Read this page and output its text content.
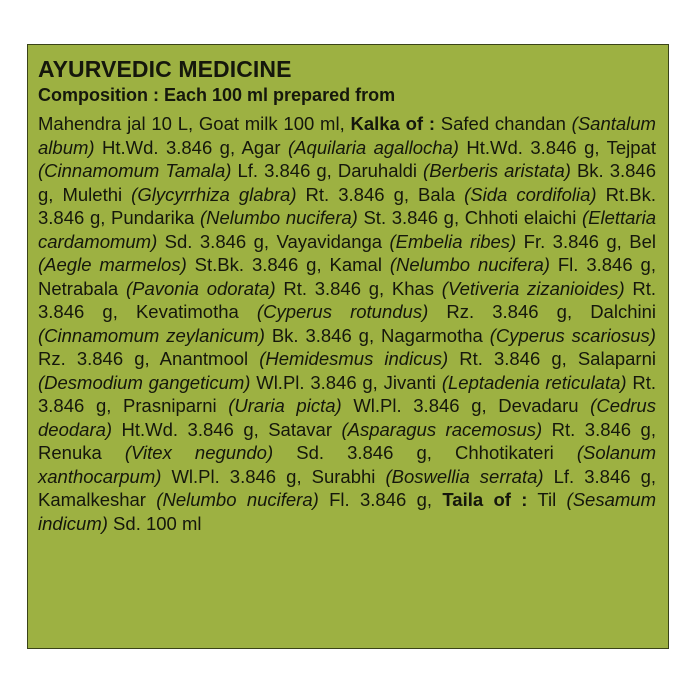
AYURVEDIC MEDICINE
Composition : Each 100 ml prepared from

Mahendra jal 10 L, Goat milk 100 ml, Kalka of : Safed chandan (Santalum album) Ht.Wd. 3.846 g, Agar (Aquilaria agallocha) Ht.Wd. 3.846 g, Tejpat (Cinnamomum Tamala) Lf. 3.846 g, Daruhaldi (Berberis aristata) Bk. 3.846 g, Mulethi (Glycyrrhiza glabra) Rt. 3.846 g, Bala (Sida cordifolia) Rt.Bk. 3.846 g, Pundarika (Nelumbo nucifera) St. 3.846 g, Chhoti elaichi (Elettaria cardamomum) Sd. 3.846 g, Vayavidanga (Embelia ribes) Fr. 3.846 g, Bel (Aegle marmelos) St.Bk. 3.846 g, Kamal (Nelumbo nucifera) Fl. 3.846 g, Netrabala (Pavonia odorata) Rt. 3.846 g, Khas (Vetiveria zizanioides) Rt. 3.846 g, Kevatimotha (Cyperus rotundus) Rz. 3.846 g, Dalchini (Cinnamomum zeylanicum) Bk. 3.846 g, Nagarmotha (Cyperus scariosus) Rz. 3.846 g, Anantmool (Hemidesmus indicus) Rt. 3.846 g, Salaparni (Desmodium gangeticum) Wl.Pl. 3.846 g, Jivanti (Leptadenia reticulata) Rt. 3.846 g, Prasniparni (Uraria picta) Wl.Pl. 3.846 g, Devadaru (Cedrus deodara) Ht.Wd. 3.846 g, Satavar (Asparagus racemosus) Rt. 3.846 g, Renuka (Vitex negundo) Sd. 3.846 g, Chhotikateri (Solanum xanthocarpum) Wl.Pl. 3.846 g, Surabhi (Boswellia serrata) Lf. 3.846 g, Kamalkeshar (Nelumbo nucifera) Fl. 3.846 g, Taila of : Til (Sesamum indicum) Sd. 100 ml
